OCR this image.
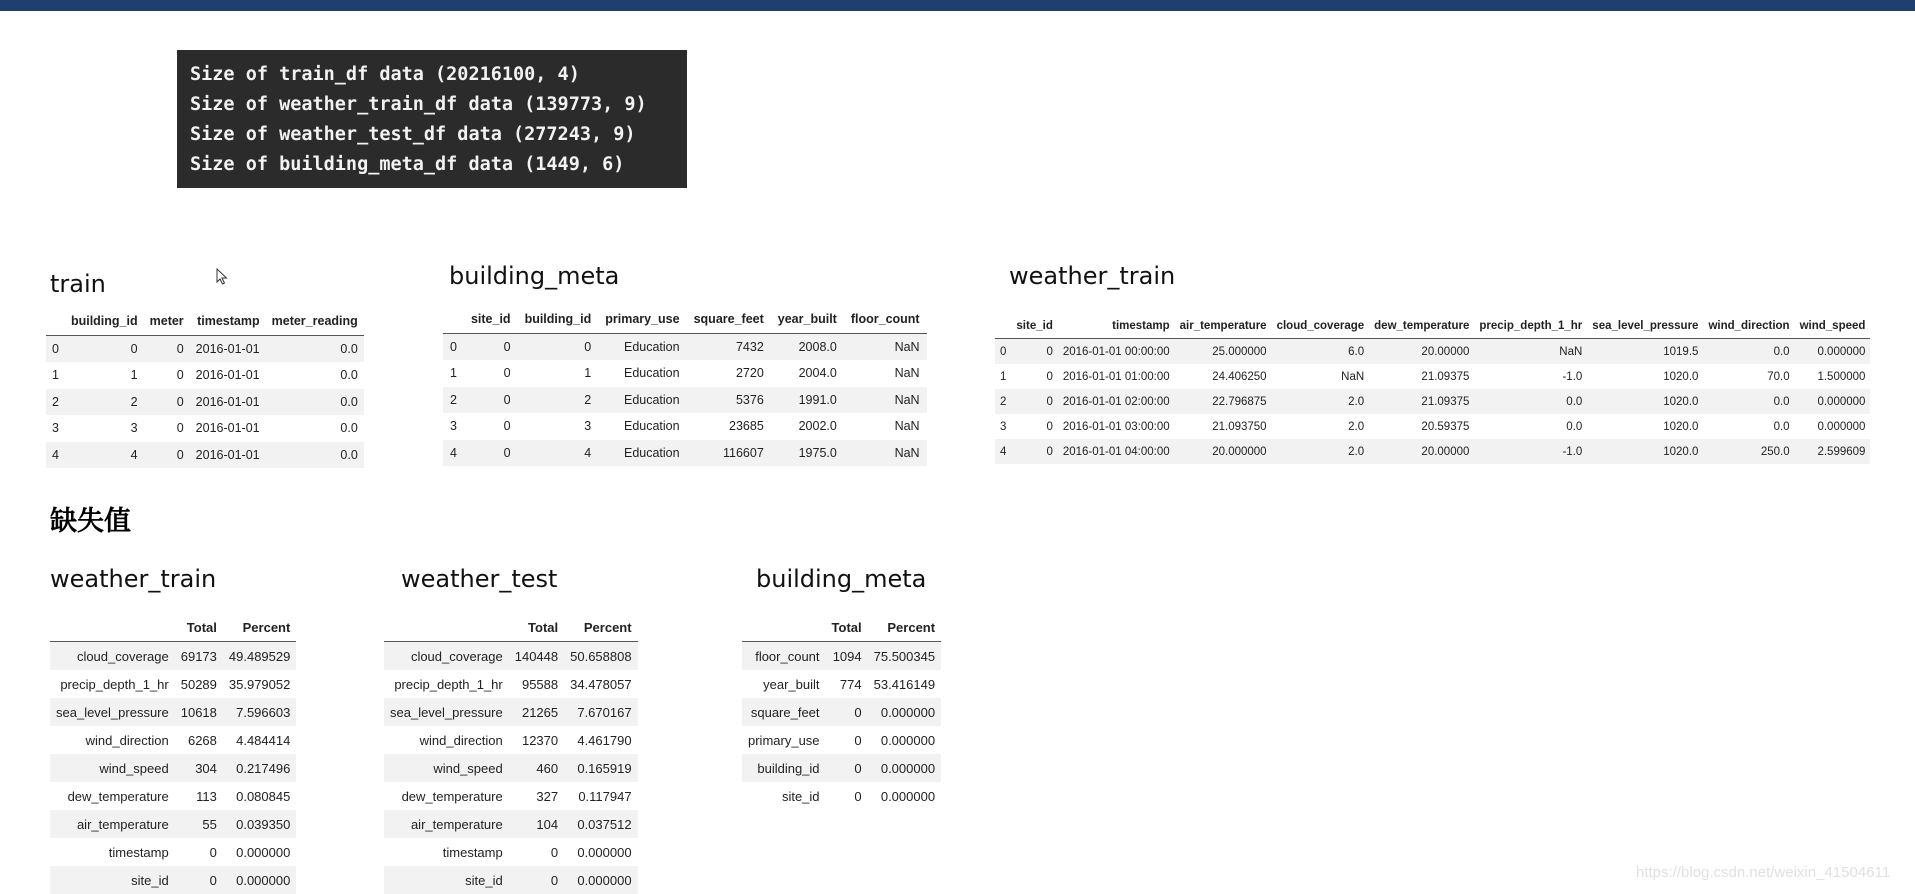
Size of train_df data (20216100, 4)
Size of weather_train_df data (139773, 9)
Size of weather_test_df data (277243, 9)
Size of building_meta_df data (1449, 6)
train	building_meta	weather_train
	building_id	meter	timestamp	meter_reading
0	0	0	2016-01-01	0.0
1	1	0	2016-01-01	0.0
2	2	0	2016-01-01	0.0
3	3	0	2016-01-01	0.0
4	4	0	2016-01-01	0.0
	site_id	building_id	primary_use	square_feet	year_built	floor_count
0	0	0	Education	7432	2008.0	NaN
1	0	1	Education	2720	2004.0	NaN
2	0	2	Education	5376	1991.0	NaN
3	0	3	Education	23685	2002.0	NaN
4	0	4	Education	116607	1975.0	NaN
	site_id	timestamp	air_temperature	cloud_coverage	dew_temperature	precip_depth_1_hr	sea_level_pressure	wind_direction	wind_speed
0	0	2016-01-01 00:00:00	25.000000	6.0	20.00000	NaN	1019.5	0.0	0.000000
1	0	2016-01-01 01:00:00	24.406250	NaN	21.09375	-1.0	1020.0	70.0	1.500000
2	0	2016-01-01 02:00:00	22.796875	2.0	21.09375	0.0	1020.0	0.0	0.000000
3	0	2016-01-01 03:00:00	21.093750	2.0	20.59375	0.0	1020.0	0.0	0.000000
4	0	2016-01-01 04:00:00	20.000000	2.0	20.00000	-1.0	1020.0	250.0	2.599609
缺失值
weather_train	weather_test	building_meta
	Total	Percent
cloud_coverage	69173	49.489529
precip_depth_1_hr	50289	35.979052
sea_level_pressure	10618	7.596603
wind_direction	6268	4.484414
wind_speed	304	0.217496
dew_temperature	113	0.080845
air_temperature	55	0.039350
timestamp	0	0.000000
site_id	0	0.000000
	Total	Percent
cloud_coverage	140448	50.658808
precip_depth_1_hr	95588	34.478057
sea_level_pressure	21265	7.670167
wind_direction	12370	4.461790
wind_speed	460	0.165919
dew_temperature	327	0.117947
air_temperature	104	0.037512
timestamp	0	0.000000
site_id	0	0.000000
	Total	Percent
floor_count	1094	75.500345
year_built	774	53.416149
square_feet	0	0.000000
primary_use	0	0.000000
building_id	0	0.000000
site_id	0	0.000000
https://blog.csdn.net/weixin_41504611
